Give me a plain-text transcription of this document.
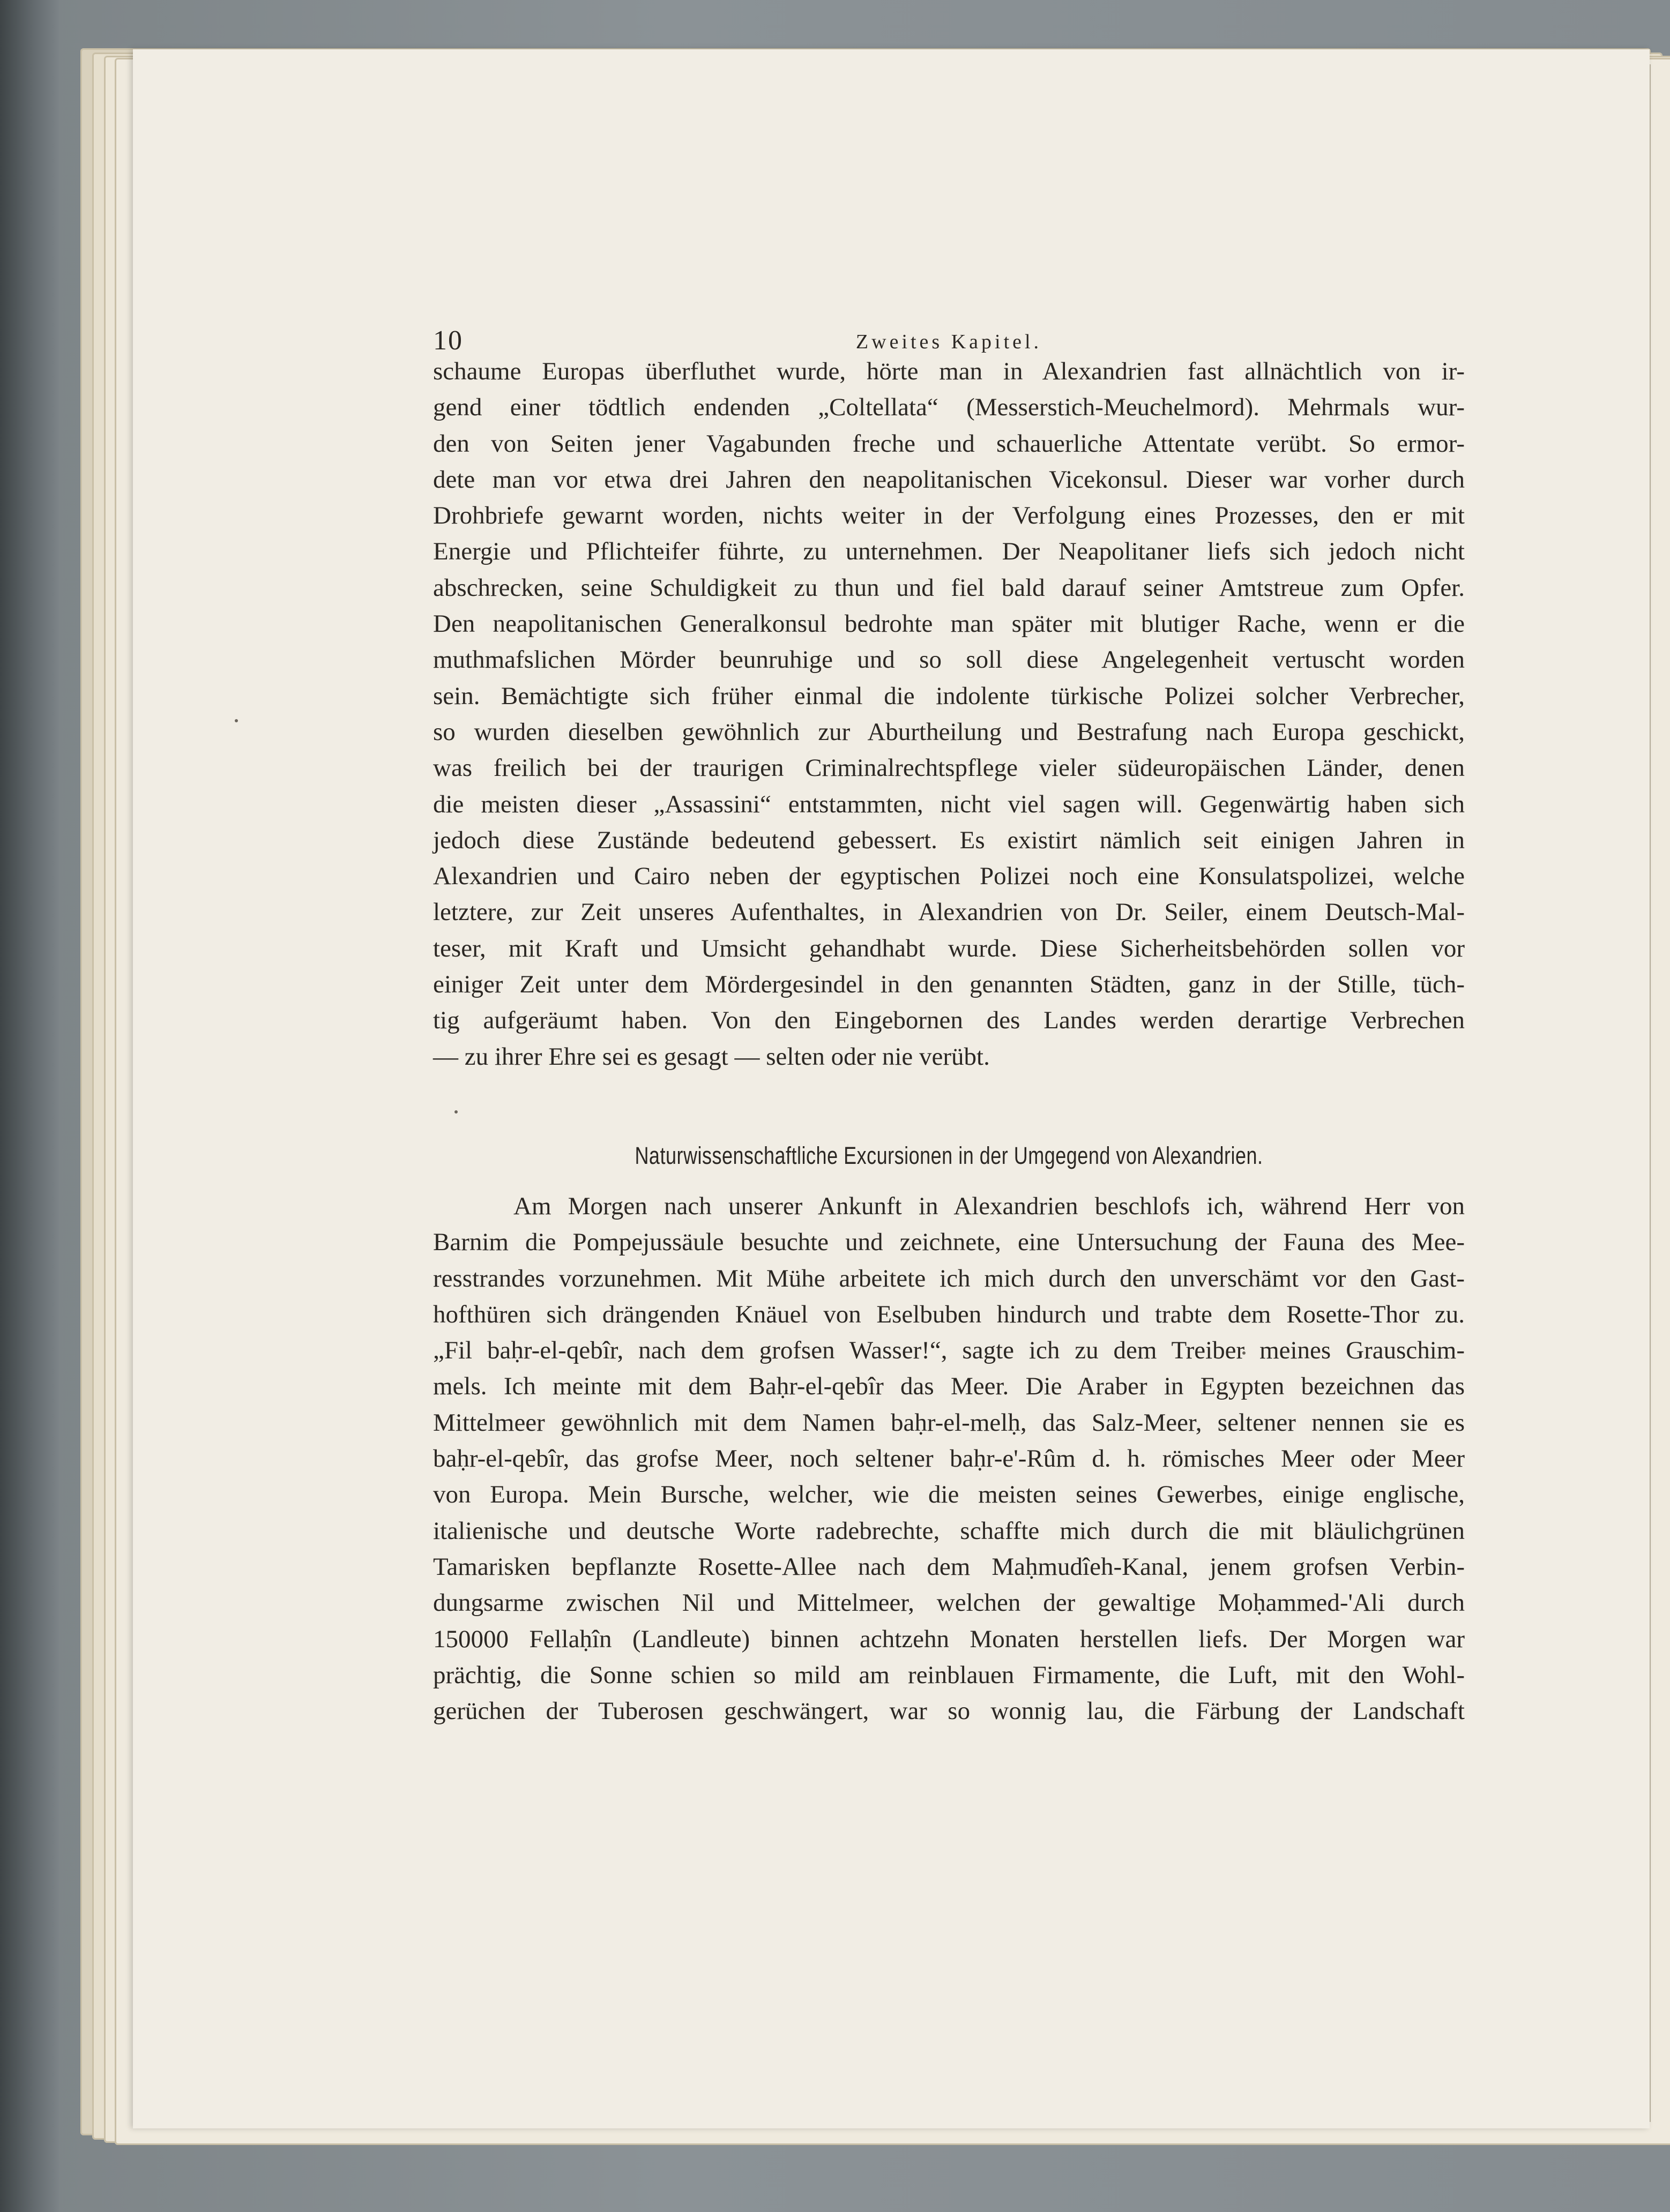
10	Zweites Kapitel.
schaume Europas überfluthet wurde, hörte man in Alexandrien fast allnächtlich von ir-
gend einer tödtlich endenden „Coltellata“ (Messerstich-Meuchelmord). Mehrmals wur-
den von Seiten jener Vagabunden freche und schauerliche Attentate verübt. So ermor-
dete man vor etwa drei Jahren den neapolitanischen Vicekonsul. Dieser war vorher durch
Drohbriefe gewarnt worden, nichts weiter in der Verfolgung eines Prozesses, den er mit
Energie und Pflichteifer führte, zu unternehmen. Der Neapolitaner liefs sich jedoch nicht
abschrecken, seine Schuldigkeit zu thun und fiel bald darauf seiner Amtstreue zum Opfer.
Den neapolitanischen Generalkonsul bedrohte man später mit blutiger Rache, wenn er die
muthmafslichen Mörder beunruhige und so soll diese Angelegenheit vertuscht worden
sein. Bemächtigte sich früher einmal die indolente türkische Polizei solcher Verbrecher,
so wurden dieselben gewöhnlich zur Aburtheilung und Bestrafung nach Europa geschickt,
was freilich bei der traurigen Criminalrechtspflege vieler südeuropäischen Länder, denen
die meisten dieser „Assassini“ entstammten, nicht viel sagen will. Gegenwärtig haben sich
jedoch diese Zustände bedeutend gebessert. Es existirt nämlich seit einigen Jahren in
Alexandrien und Cairo neben der egyptischen Polizei noch eine Konsulatspolizei, welche
letztere, zur Zeit unseres Aufenthaltes, in Alexandrien von Dr. Seiler, einem Deutsch-Mal-
teser, mit Kraft und Umsicht gehandhabt wurde. Diese Sicherheitsbehörden sollen vor
einiger Zeit unter dem Mördergesindel in den genannten Städten, ganz in der Stille, tüch-
tig aufgeräumt haben. Von den Eingebornen des Landes werden derartige Verbrechen
— zu ihrer Ehre sei es gesagt — selten oder nie verübt.
Naturwissenschaftliche Excursionen in der Umgegend von Alexandrien.
Am Morgen nach unserer Ankunft in Alexandrien beschlofs ich, während Herr von
Barnim die Pompejussäule besuchte und zeichnete, eine Untersuchung der Fauna des Mee-
resstrandes vorzunehmen. Mit Mühe arbeitete ich mich durch den unverschämt vor den Gast-
hofthüren sich drängenden Knäuel von Eselbuben hindurch und trabte dem Rosette-Thor zu.
„Fil baḥr-el-qebîr, nach dem grofsen Wasser!“, sagte ich zu dem Treiber meines Grauschim-
mels. Ich meinte mit dem Baḥr-el-qebîr das Meer. Die Araber in Egypten bezeichnen das
Mittelmeer gewöhnlich mit dem Namen baḥr-el-melḥ, das Salz-Meer, seltener nennen sie es
baḥr-el-qebîr, das grofse Meer, noch seltener baḥr-e'-Rûm d. h. römisches Meer oder Meer
von Europa. Mein Bursche, welcher, wie die meisten seines Gewerbes, einige englische,
italienische und deutsche Worte radebrechte, schaffte mich durch die mit bläulichgrünen
Tamarisken bepflanzte Rosette-Allee nach dem Maḥmudîeh-Kanal, jenem grofsen Verbin-
dungsarme zwischen Nil und Mittelmeer, welchen der gewaltige Moḥammed-'Ali durch
150000 Fellaḥîn (Landleute) binnen achtzehn Monaten herstellen liefs. Der Morgen war
prächtig, die Sonne schien so mild am reinblauen Firmamente, die Luft, mit den Wohl-
gerüchen der Tuberosen geschwängert, war so wonnig lau, die Färbung der Landschaft
